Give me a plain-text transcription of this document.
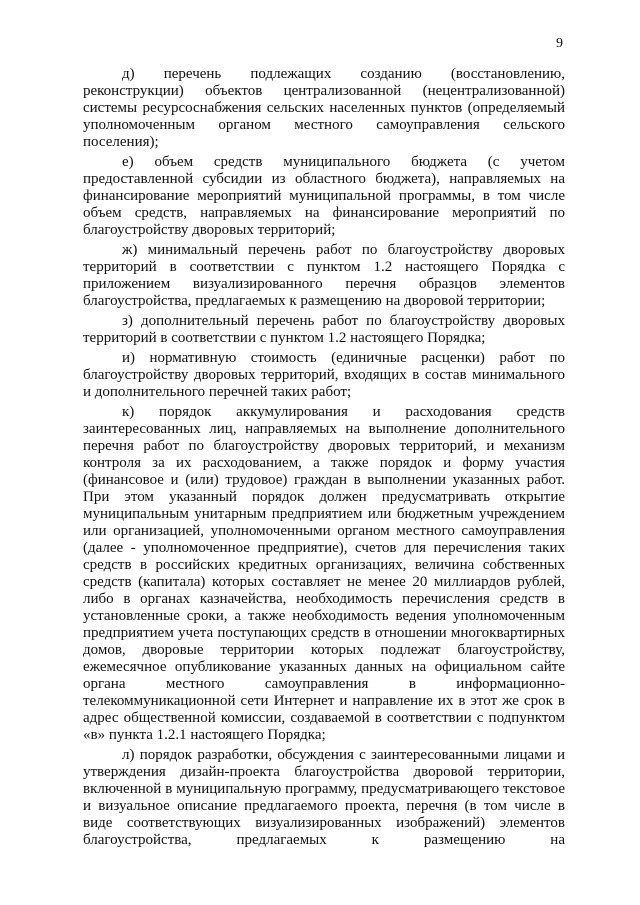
9

д) перечень подлежащих созданию (восстановлению, реконструкции) объектов централизованной (нецентрализованной) системы ресурсоснабжения сельских населенных пунктов (определяемый уполномоченным органом местного самоуправления сельского поселения);

е) объем средств муниципального бюджета (с учетом предоставленной субсидии из областного бюджета), направляемых на финансирование мероприятий муниципальной программы, в том числе объем средств, направляемых на финансирование мероприятий по благоустройству дворовых территорий;

ж) минимальный перечень работ по благоустройству дворовых территорий в соответствии с пунктом 1.2 настоящего Порядка с приложением визуализированного перечня образцов элементов благоустройства, предлагаемых к размещению на дворовой территории;

з) дополнительный перечень работ по благоустройству дворовых территорий в соответствии с пунктом 1.2 настоящего Порядка;

и) нормативную стоимость (единичные расценки) работ по благоустройству дворовых территорий, входящих в состав минимального и дополнительного перечней таких работ;

к) порядок аккумулирования и расходования средств заинтересованных лиц, направляемых на выполнение дополнительного перечня работ по благоустройству дворовых территорий, и механизм контроля за их расходованием, а также порядок и форму участия (финансовое и (или) трудовое) граждан в выполнении указанных работ. При этом указанный порядок должен предусматривать открытие муниципальным унитарным предприятием или бюджетным учреждением или организацией, уполномоченными органом местного самоуправления (далее - уполномоченное предприятие), счетов для перечисления таких средств в российских кредитных организациях, величина собственных средств (капитала) которых составляет не менее 20 миллиардов рублей, либо в органах казначейства, необходимость перечисления средств в установленные сроки, а также необходимость ведения уполномоченным предприятием учета поступающих средств в отношении многоквартирных домов, дворовые территории которых подлежат благоустройству, ежемесячное опубликование указанных данных на официальном сайте органа местного самоуправления в информационно-телекоммуникационной сети Интернет и направление их в этот же срок в адрес общественной комиссии, создаваемой в соответствии с подпунктом «в» пункта 1.2.1 настоящего Порядка;

л) порядок разработки, обсуждения с заинтересованными лицами и утверждения дизайн-проекта благоустройства дворовой территории, включенной в муниципальную программу, предусматривающего текстовое и визуальное описание предлагаемого проекта, перечня (в том числе в виде соответствующих визуализированных изображений) элементов благоустройства, предлагаемых к размещению на
